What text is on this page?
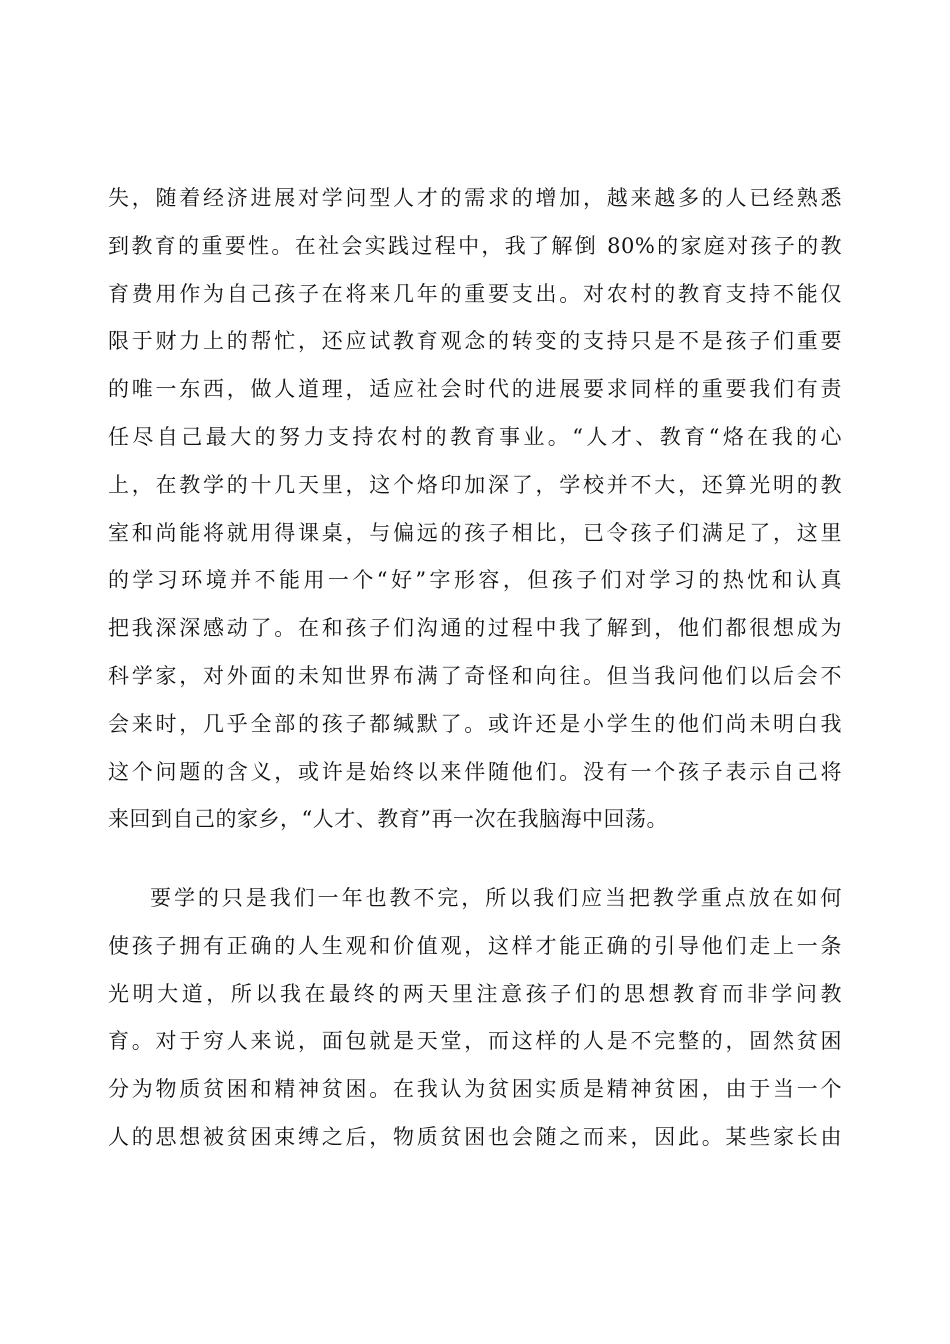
失，随着经济进展对学问型人才的需求的增加，越来越多的人已经熟悉
到教育的重要性。在社会实践过程中，我了解倒 80%的家庭对孩子的教
育费用作为自己孩子在将来几年的重要支出。对农村的教育支持不能仅
限于财力上的帮忙，还应试教育观念的转变的支持只是不是孩子们重要
的唯一东西，做人道理，适应社会时代的进展要求同样的重要我们有责
任尽自己最大的努力支持农村的教育事业。“人才、教育“烙在我的心
上，在教学的十几天里，这个烙印加深了，学校并不大，还算光明的教
室和尚能将就用得课桌，与偏远的孩子相比，已令孩子们满足了，这里
的学习环境并不能用一个“好”字形容，但孩子们对学习的热忱和认真
把我深深感动了。在和孩子们沟通的过程中我了解到，他们都很想成为
科学家，对外面的未知世界布满了奇怪和向往。但当我问他们以后会不
会来时，几乎全部的孩子都缄默了。或许还是小学生的他们尚未明白我
这个问题的含义，或许是始终以来伴随他们。没有一个孩子表示自己将
来回到自己的家乡，“人才、教育”再一次在我脑海中回荡。
要学的只是我们一年也教不完，所以我们应当把教学重点放在如何
使孩子拥有正确的人生观和价值观，这样才能正确的引导他们走上一条
光明大道，所以我在最终的两天里注意孩子们的思想教育而非学问教
育。对于穷人来说，面包就是天堂，而这样的人是不完整的，固然贫困
分为物质贫困和精神贫困。在我认为贫困实质是精神贫困，由于当一个
人的思想被贫困束缚之后，物质贫困也会随之而来，因此。某些家长由
